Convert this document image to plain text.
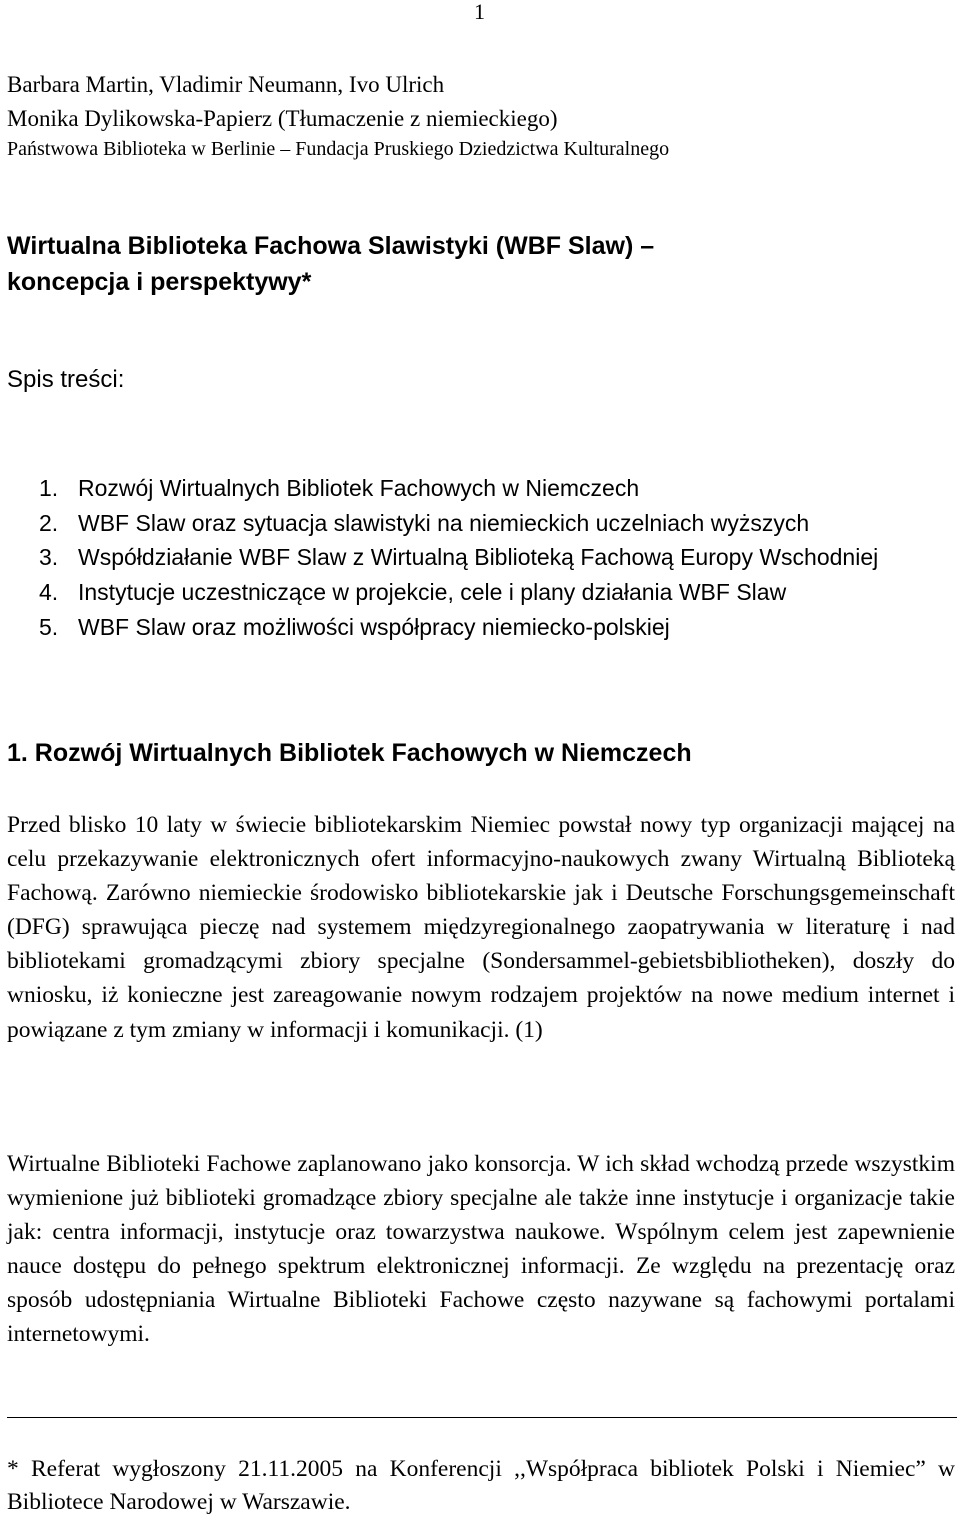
1
Barbara Martin, Vladimir Neumann, Ivo Ulrich
Monika Dylikowska-Papierz (Tłumaczenie z niemieckiego)
Państwowa Biblioteka w Berlinie – Fundacja Pruskiego Dziedzictwa Kulturalnego
Wirtualna Biblioteka Fachowa Slawistyki (WBF Slaw) –
koncepcja i perspektywy*
Spis treści:
1. Rozwój Wirtualnych Bibliotek Fachowych w Niemczech
2. WBF Slaw oraz sytuacja slawistyki na niemieckich uczelniach wyższych
3. Współdziałanie WBF Slaw z Wirtualną Biblioteką Fachową Europy Wschodniej
4. Instytucje uczestniczące w projekcie, cele i plany działania WBF Slaw
5. WBF Slaw oraz możliwości współpracy niemiecko-polskiej
1. Rozwój Wirtualnych Bibliotek Fachowych w Niemczech

Przed blisko 10 laty w świecie bibliotekarskim Niemiec powstał nowy typ organizacji mającej na celu przekazywanie elektronicznych ofert informacyjno-naukowych zwany Wirtualną Biblioteką Fachową. Zarówno niemieckie środowisko bibliotekarskie jak i Deutsche Forschungsgemeinschaft (DFG) sprawująca pieczę nad systemem międzyregionalnego zaopatrywania w literaturę i nad bibliotekami gromadzącymi zbiory specjalne (Sondersammel-gebietsbibliotheken), doszły do wniosku, iż konieczne jest zareagowanie nowym rodzajem projektów na nowe medium internet i powiązane z tym zmiany w informacji i komunikacji. (1)

Wirtualne Biblioteki Fachowe zaplanowano jako konsorcja. W ich skład wchodzą przede wszystkim wymienione już biblioteki gromadzące zbiory specjalne ale także inne instytucje i organizacje takie jak: centra informacji, instytucje oraz towarzystwa naukowe. Wspólnym celem jest zapewnienie nauce dostępu do pełnego spektrum elektronicznej informacji. Ze względu na prezentację oraz sposób udostępniania Wirtualne Biblioteki Fachowe często nazywane są fachowymi portalami internetowymi.

* Referat wygłoszony 21.11.2005 na Konferencji ,,Współpraca bibliotek Polski i Niemiec” w Bibliotece Narodowej w Warszawie.
